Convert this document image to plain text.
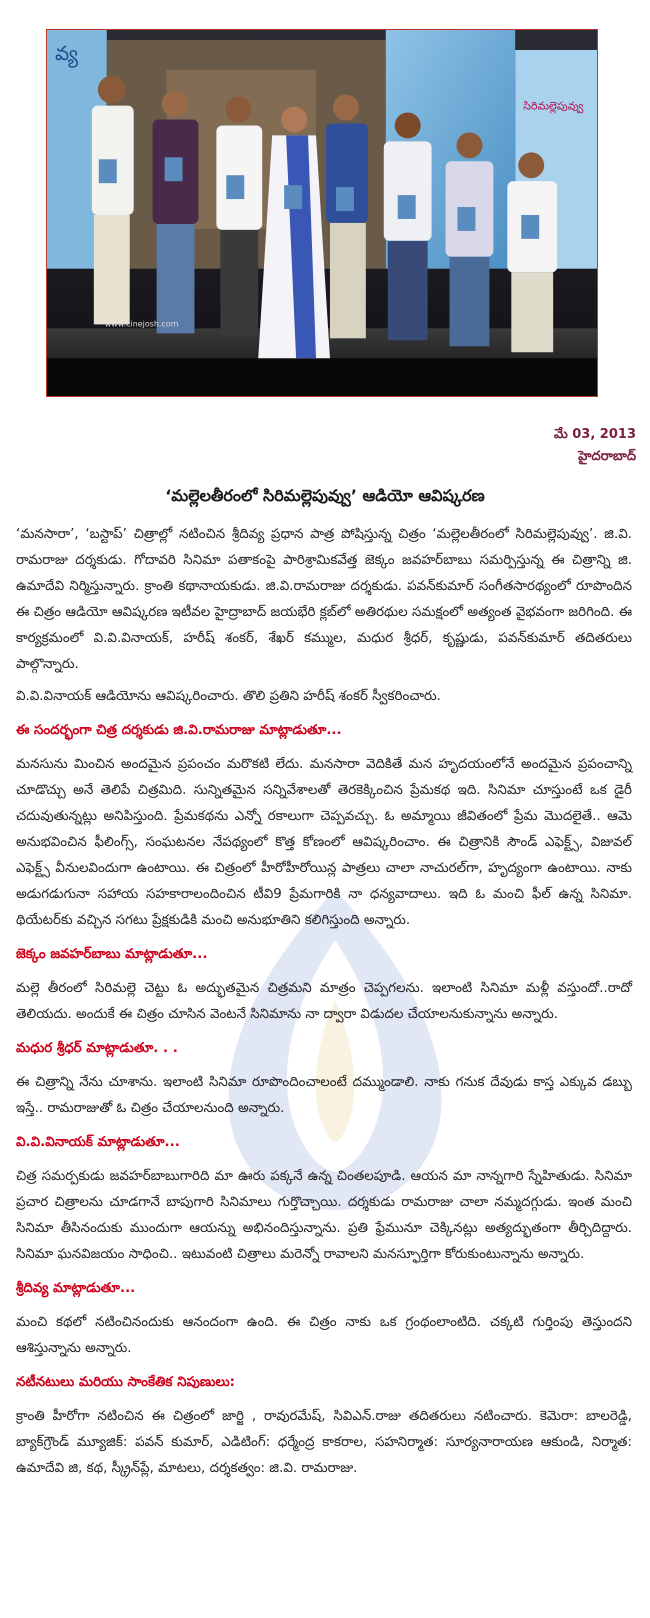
వ్య
సిరిమల్లెపువ్వు
www.cinejosh.com
మే 03, 2013
హైదరాబాద్
‘మల్లెలతీరంలో సిరిమల్లెపువ్వు’ ఆడియో ఆవిష్కరణ

‘మనసారా’, ‘బస్టాప్’ చిత్రాల్లో నటించిన శ్రీదివ్య ప్రధాన పాత్ర పోషిస్తున్న చిత్రం ‘మల్లెలతీరంలో సిరిమల్లెపువ్వు’. జి.వి. రామరాజు దర్శకుడు. గోదావరి సినిమా పతాకంపై పారిశ్రామికవేత్త జెక్కం జవహర్‌బాబు సమర్పిస్తున్న ఈ చిత్రాన్ని జి. ఉమాదేవి నిర్మిస్తున్నారు. క్రాంతి కథానాయకుడు. జి.వి.రామరాజు దర్శకుడు. పవన్‌కుమార్ సంగీతసారథ్యంలో రూపొందిన ఈ చిత్రం ఆడియో ఆవిష్కరణ ఇటీవల హైద్రాబాద్ జయభేరి క్లబ్‌లో అతిరథుల సమక్షంలో అత్యంత వైభవంగా జరిగింది. ఈ కార్యక్రమంలో వి.వి.వినాయక్, హరీష్ శంకర్, శేఖర్ కమ్ముల, మధుర శ్రీధర్, కృష్ణుడు, పవన్‌కుమార్ తదితరులు పాల్గొన్నారు.

వి.వి.వినాయక్ ఆడియోను ఆవిష్కరించారు. తొలి ప్రతిని హరీష్ శంకర్ స్వీకరించారు.

ఈ సందర్భంగా చిత్ర దర్శకుడు జి.వి.రామరాజు మాట్లాడుతూ...

మనసును మించిన అందమైన ప్రపంచం మరొకటి లేదు. మనసారా వెదికితే మన హృదయంలోనే అందమైన ప్రపంచాన్ని చూడొచ్చు అనే తెలిపే చిత్రమిది. సున్నితమైన సన్నివేశాలతో తెరకెక్కించిన ప్రేమకథ ఇది. సినిమా చూస్తుంటే ఒక డైరీ చదువుతున్నట్లు అనిపిస్తుంది. ప్రేమకథను ఎన్నో రకాలుగా చెప్పవచ్చు. ఓ అమ్మాయి జీవితంలో ప్రేమ మొదలైతే.. ఆమె అనుభవించిన ఫీలింగ్స్, సంఘటనల నేపథ్యంలో కొత్త కోణంలో ఆవిష్కరించాం. ఈ చిత్రానికి సౌండ్ ఎఫెక్ట్స్, విజువల్ ఎఫెక్ట్స్ వీనులవిందుగా ఉంటాయి. ఈ చిత్రంలో హీరోహీరోయిన్ల పాత్రలు చాలా నాచురల్‌గా, హృద్యంగా ఉంటాయి. నాకు అడుగడుగునా సహాయ సహకారాలందించిన టీవి9 ప్రేమగారికి నా ధన్యవాదాలు. ఇది ఓ మంచి ఫీల్ ఉన్న సినిమా. థియేటర్‌కు వచ్చిన సగటు ప్రేక్షకుడికి మంచి అనుభూతిని కలిగిస్తుంది అన్నారు.

జెక్కం జవహర్‌బాబు మాట్లాడుతూ...

మల్లె తీరంలో సిరిమల్లె చెట్టు ఓ అద్భుతమైన చిత్రమని మాత్రం చెప్పగలను. ఇలాంటి సినిమా మళ్లీ వస్తుందో..రాదో తెలియదు. అందుకే ఈ చిత్రం చూసిన వెంటనే సినిమాను నా ద్వారా విడుదల చేయాలనుకున్నాను అన్నారు.

మధుర శ్రీధర్ మాట్లాడుతూ. . .

ఈ చిత్రాన్ని నేను చూశాను. ఇలాంటి సినిమా రూపొందించాలంటే దమ్ముండాలి. నాకు గనుక దేవుడు కాస్త ఎక్కువ డబ్బు ఇస్తే.. రామరాజుతో ఓ చిత్రం చేయాలనుంది అన్నారు.

వి.వి.వినాయక్ మాట్లాడుతూ...

చిత్ర సమర్పకుడు జవహర్‌బాబుగారిది మా ఊరు పక్కనే ఉన్న చింతలపూడి. ఆయన మా నాన్నగారి స్నేహితుడు. సినిమా ప్రచార చిత్రాలను చూడగానే బాపుగారి సినిమాలు గుర్తొచ్చాయి. దర్శకుడు రామరాజు చాలా నమ్మదగ్గుడు. ఇంత మంచి సినిమా తీసినందుకు ముందుగా ఆయన్ను అభినందిస్తున్నాను. ప్రతి ఫ్రేమునూ చెక్కినట్లు అత్యద్భుతంగా తీర్చిదిద్దారు. సినిమా ఘనవిజయం సాధించి.. ఇటువంటి చిత్రాలు మరెన్నో రావాలని మనస్ఫూర్తిగా కోరుకుంటున్నాను అన్నారు.

శ్రీదివ్య మాట్లాడుతూ...

మంచి కథలో నటించినందుకు ఆనందంగా ఉంది. ఈ చిత్రం నాకు ఒక గ్రంథంలాంటిది. చక్కటి గుర్తింపు తెస్తుందని ఆశిస్తున్నాను అన్నారు.

నటీనటులు మరియు సాంకేతిక నిపుణులు:

క్రాంతి హీరోగా నటించిన ఈ చిత్రంలో జార్జి , రావురమేష్, సివిఎన్.రాజు తదితరులు నటించారు. కెమెరా: బాలరెడ్డి, బ్యాక్‌గ్రౌండ్ మ్యూజిక్: పవన్ కుమార్, ఎడిటింగ్: ధర్మేంద్ర కాకరాల, సహనిర్మాత: సూర్యనారాయణ ఆకుండి, నిర్మాత: ఉమాదేవి జి, కథ, స్క్రీన్‌ప్లే, మాటలు, దర్శకత్వం: జి.వి. రామరాజు.
